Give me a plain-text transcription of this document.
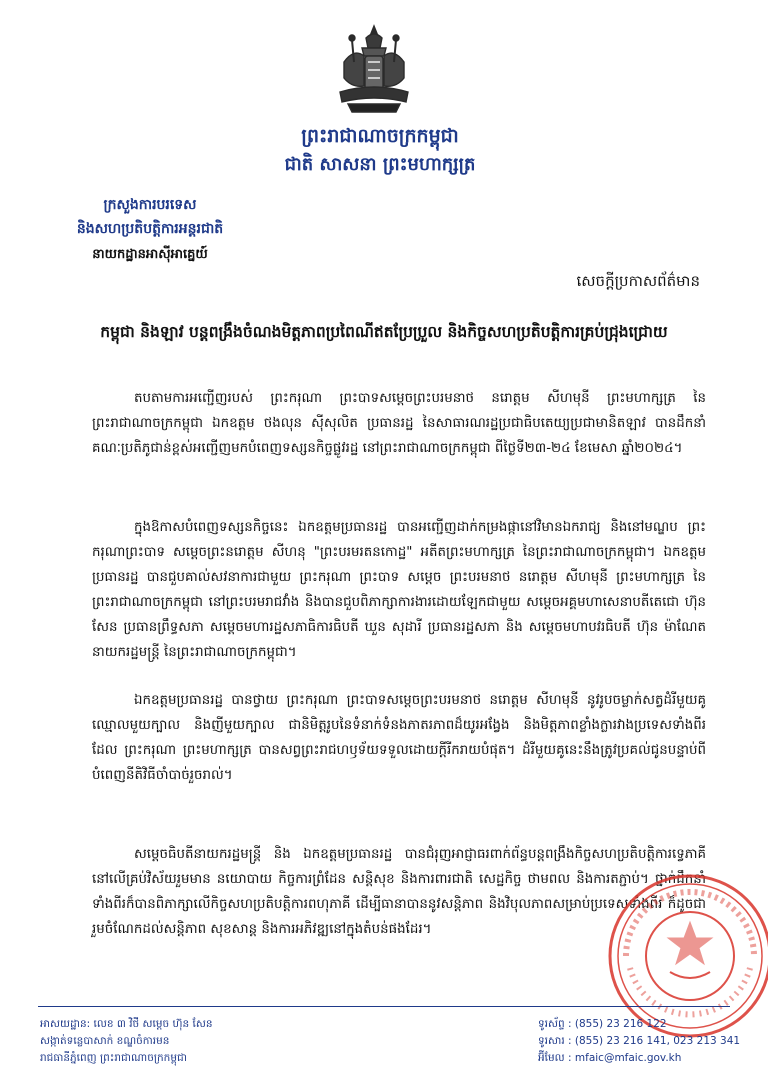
ព្រះរាជាណាចក្រកម្ពុជា
ជាតិ សាសនា ព្រះមហាក្សត្រ
ក្រសួងការបរទេស
និងសហប្រតិបត្តិការអន្តរជាតិ
នាយកដ្ឋានអាស៊ីអាគ្នេយ៍
សេចក្តីប្រកាសព័ត៌មាន
កម្ពុជា និងឡាវ បន្តពង្រឹងចំណងមិត្តភាពប្រពៃណីឥតប្រែប្រួល និងកិច្ចសហប្រតិបត្តិការគ្រប់ជ្រុងជ្រោយ

តបតាមការអញ្ជើញរបស់ ព្រះករុណា ព្រះបាទសម្តេចព្រះបរមនាថ នរោត្តម សីហមុនី ព្រះមហាក្សត្រ នៃព្រះរាជាណាចក្រកម្ពុជា ឯកឧត្តម ថងលុន ស៊ីសុលិត ប្រធានរដ្ឋ នៃសាធារណរដ្ឋប្រជាធិបតេយ្យប្រជាមានិតឡាវ បានដឹកនាំគណៈប្រតិភូជាន់ខ្ពស់អញ្ជើញមកបំពេញទស្សនកិច្ចផ្លូវរដ្ឋ នៅព្រះរាជាណាចក្រកម្ពុជា ពីថ្ងៃទី២៣-២៤ ខែមេសា ឆ្នាំ២០២៤។

ក្នុងឱកាសបំពេញទស្សនកិច្ចនេះ ឯកឧត្តមប្រធានរដ្ឋ បានអញ្ជើញដាក់កម្រងផ្កានៅវិមានឯករាជ្យ និងនៅមណ្ឌប ព្រះករុណាព្រះបាទ សម្តេចព្រះនរោត្តម សីហនុ "ព្រះបរមរតនកោដ្ឋ" អតីតព្រះមហាក្សត្រ នៃព្រះរាជាណាចក្រកម្ពុជា។ ឯកឧត្តមប្រធានរដ្ឋ បានជួបគាល់សវនាការជាមួយ ព្រះករុណា ព្រះបាទ សម្តេច ព្រះបរមនាថ នរោត្តម សីហមុនី ព្រះមហាក្សត្រ នៃព្រះរាជាណាចក្រកម្ពុជា នៅព្រះបរមរាជវាំង និងបានជួបពិភាក្សាការងារដោយឡែកជាមួយ សម្តេចអគ្គមហាសេនាបតីតេជោ ហ៊ុន សែន ប្រធានព្រឹទ្ធសភា សម្តេចមហារដ្ឋសភាធិការធិបតី ឃួន សុដារី ប្រធានរដ្ឋសភា និង សម្តេចមហាបវរធិបតី ហ៊ុន ម៉ាណែត នាយករដ្ឋមន្ត្រី នៃព្រះរាជាណាចក្រកម្ពុជា។

ឯកឧត្តមប្រធានរដ្ឋ បានថ្វាយ ព្រះករុណា ព្រះបាទសម្តេចព្រះបរមនាថ នរោត្តម សីហមុនី នូវរូបចម្លាក់សត្វដំរីមួយគូ ឈ្មោលមួយក្បាល និងញីមួយក្បាល ជានិមិត្តរូបនៃទំនាក់ទំនងភាតរភាពដ៏យូរអង្វែង និងមិត្តភាពខ្លាំងក្លារវាងប្រទេសទាំងពីរ ដែល ព្រះករុណា ព្រះមហាក្សត្រ បានសព្វព្រះរាជហឫទ័យទទួលដោយក្តីរីករាយបំផុត។ ដំរីមួយគូនេះនឹងត្រូវប្រគល់ជូនបន្ទាប់ពីបំពេញនីតិវិធីចាំបាច់រួចរាល់។

សម្តេចធិបតីនាយករដ្ឋមន្ត្រី និង ឯកឧត្តមប្រធានរដ្ឋ បានជំរុញអាជ្ញាធរពាក់ព័ន្ធបន្តពង្រឹងកិច្ចសហប្រតិបត្តិការទ្វេភាគីនៅលើគ្រប់វិស័យរួមមាន នយោបាយ កិច្ចការព្រំដែន សន្តិសុខ និងការពារជាតិ សេដ្ឋកិច្ច ថាមពល និងការតភ្ជាប់។ ថ្នាក់ដឹកនាំទាំងពីរក៏បានពិភាក្សាលើកិច្ចសហប្រតិបត្តិការពហុភាគី ដើម្បីធានាបាននូវសន្តិភាព និងវិបុលភាពសម្រាប់ប្រទេសទាំងពីរ ក៏ដូចជារួមចំណែកដល់សន្តិភាព សុខសាន្ត និងការអភិវឌ្ឍនៅក្នុងតំបន់ផងដែរ។

អាសយដ្ឋាន: លេខ ៣ វិថី សម្តេច ហ៊ុន សែន
សង្កាត់ទន្លេបាសាក់ ខណ្ឌចំការមន
រាជធានីភ្នំពេញ ព្រះរាជាណាចក្រកម្ពុជា
ទូរស័ព្ទ : (855) 23 216 122
ទូរសារ : (855) 23 216 141, 023 213 341
អ៊ីមែល : mfaic@mfaic.gov.kh
